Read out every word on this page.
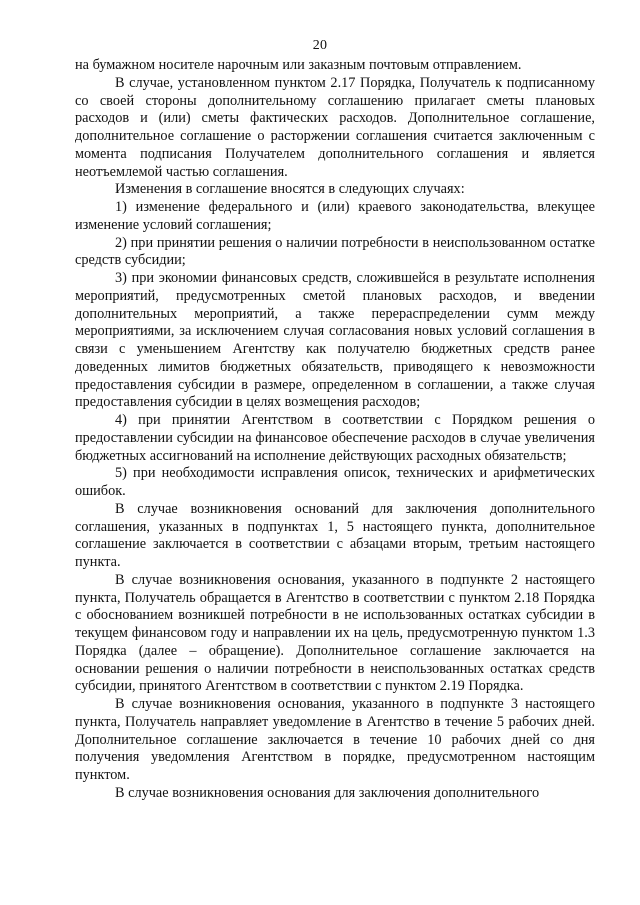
20

на бумажном носителе нарочным или заказным почтовым отправлением.

В случае, установленном пунктом 2.17 Порядка, Получатель к подписанному со своей стороны дополнительному соглашению прилагает сметы плановых расходов и (или) сметы фактических расходов. Дополнительное соглашение, дополнительное соглашение о расторжении соглашения считается заключенным с момента подписания Получателем дополнительного соглашения и является неотъемлемой частью соглашения.

Изменения в соглашение вносятся в следующих случаях:

1) изменение федерального и (или) краевого законодательства, влекущее изменение условий соглашения;

2) при принятии решения о наличии потребности в неиспользованном остатке средств субсидии;

3) при экономии финансовых средств, сложившейся в результате исполнения мероприятий, предусмотренных сметой плановых расходов, и введении дополнительных мероприятий, а также перераспределении сумм между мероприятиями, за исключением случая согласования новых условий соглашения в связи с уменьшением Агентству как получателю бюджетных средств ранее доведенных лимитов бюджетных обязательств, приводящего к невозможности предоставления субсидии в размере, определенном в соглашении, а также случая предоставления субсидии в целях возмещения расходов;

4) при принятии Агентством в соответствии с Порядком решения о предоставлении субсидии на финансовое обеспечение расходов в случае увеличения бюджетных ассигнований на исполнение действующих расходных обязательств;

5) при необходимости исправления описок, технических и арифметических ошибок.

В случае возникновения оснований для заключения дополнительного соглашения, указанных в подпунктах 1, 5 настоящего пункта, дополнительное соглашение заключается в соответствии с абзацами вторым, третьим настоящего пункта.

В случае возникновения основания, указанного в подпункте 2 настоящего пункта, Получатель обращается в Агентство в соответствии с пунктом 2.18 Порядка с обоснованием возникшей потребности в не использованных остатках субсидии в текущем финансовом году и направлении их на цель, предусмотренную пунктом 1.3 Порядка (далее – обращение). Дополнительное соглашение заключается на основании решения о наличии потребности в неиспользованных остатках средств субсидии, принятого Агентством в соответствии с пунктом 2.19 Порядка.

В случае возникновения основания, указанного в подпункте 3 настоящего пункта, Получатель направляет уведомление в Агентство в течение 5 рабочих дней. Дополнительное соглашение заключается в течение 10 рабочих дней со дня получения уведомления Агентством в порядке, предусмотренном настоящим пунктом.

В случае возникновения основания для заключения дополнительного
